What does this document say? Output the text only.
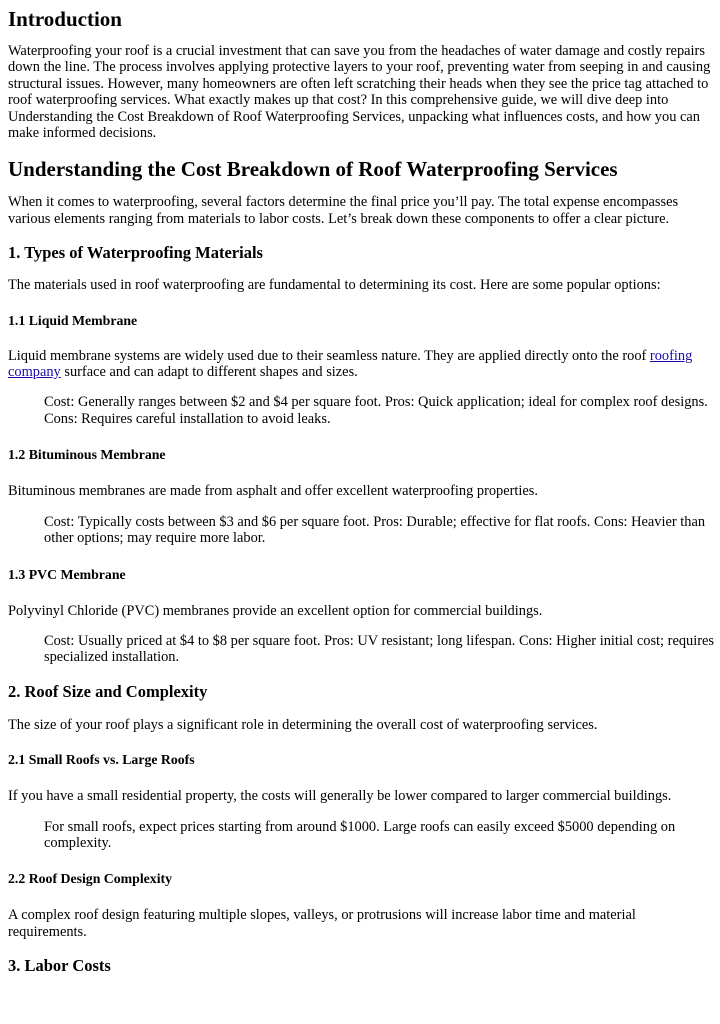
Introduction

Waterproofing your roof is a crucial investment that can save you from the headaches of water damage and costly repairs down the line. The process involves applying protective layers to your roof, preventing water from seeping in and causing structural issues. However, many homeowners are often left scratching their heads when they see the price tag attached to roof waterproofing services. What exactly makes up that cost? In this comprehensive guide, we will dive deep into Understanding the Cost Breakdown of Roof Waterproofing Services, unpacking what influences costs, and how you can make informed decisions.

Understanding the Cost Breakdown of Roof Waterproofing Services

When it comes to waterproofing, several factors determine the final price you’ll pay. The total expense encompasses various elements ranging from materials to labor costs. Let’s break down these components to offer a clear picture.

1. Types of Waterproofing Materials

The materials used in roof waterproofing are fundamental to determining its cost. Here are some popular options:

1.1 Liquid Membrane

Liquid membrane systems are widely used due to their seamless nature. They are applied directly onto the roof roofing company surface and can adapt to different shapes and sizes.

Cost: Generally ranges between $2 and $4 per square foot. Pros: Quick application; ideal for complex roof designs. Cons: Requires careful installation to avoid leaks.

1.2 Bituminous Membrane

Bituminous membranes are made from asphalt and offer excellent waterproofing properties.

Cost: Typically costs between $3 and $6 per square foot. Pros: Durable; effective for flat roofs. Cons: Heavier than other options; may require more labor.

1.3 PVC Membrane

Polyvinyl Chloride (PVC) membranes provide an excellent option for commercial buildings.

Cost: Usually priced at $4 to $8 per square foot. Pros: UV resistant; long lifespan. Cons: Higher initial cost; requires specialized installation.

2. Roof Size and Complexity

The size of your roof plays a significant role in determining the overall cost of waterproofing services.

2.1 Small Roofs vs. Large Roofs

If you have a small residential property, the costs will generally be lower compared to larger commercial buildings.

For small roofs, expect prices starting from around $1000. Large roofs can easily exceed $5000 depending on complexity.

2.2 Roof Design Complexity

A complex roof design featuring multiple slopes, valleys, or protrusions will increase labor time and material requirements.

3. Labor Costs
